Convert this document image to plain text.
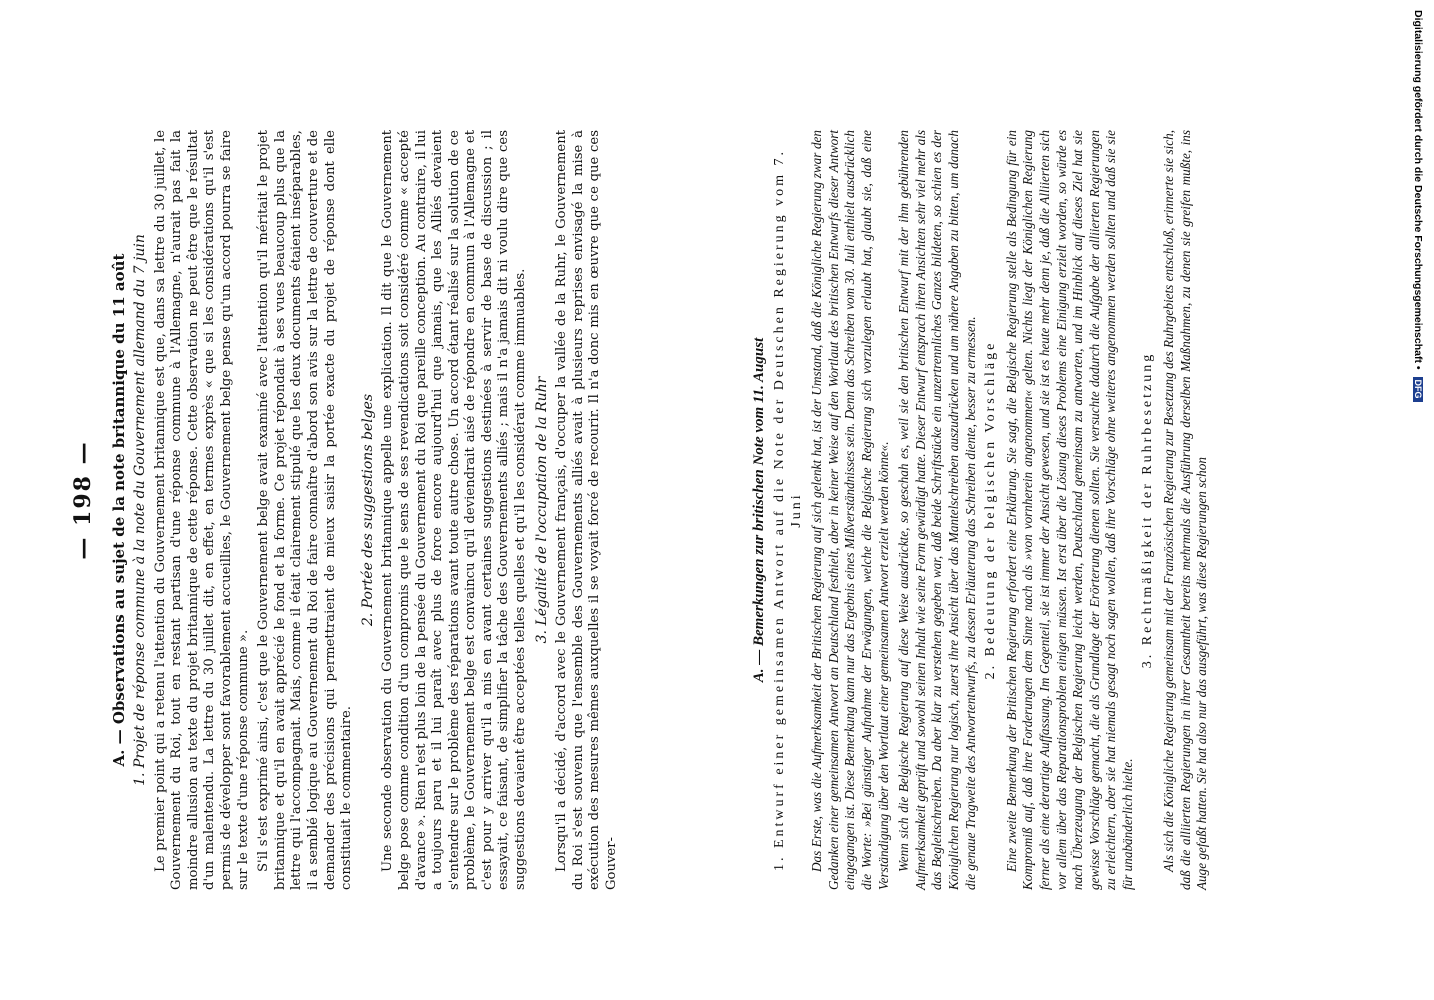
— 198 — A. — Observations au sujet de la note britannique du 11 août 1. Projet de réponse commune à la note du Gouvernement allemand du 7 juin Le premier point qui a retenu l'attention du Gouvernement britannique est que, dans sa lettre du 30 juillet, le Gouvernement du Roi, tout en restant partisan d'une réponse commune à l'Allemagne, n'aurait pas fait la moindre allusion au texte du projet britannique de cette réponse. Cette observation ne peut être que le résultat d'un malentendu. La lettre du 30 juillet dit, en effet, en termes exprès « que si les considérations qu'il s'est permis de développer sont favorablement accueillies, le Gouvernement belge pense qu'un accord pourra se faire sur le texte d'une réponse commune ». S'il s'est exprimé ainsi, c'est que le Gouvernement belge avait examiné avec l'attention qu'il méritait le projet britannique et qu'il en avait apprécié le fond et la forme. Ce projet répondait à ses vues beaucoup plus que la lettre qui l'accompagnait. Mais, comme il était clairement stipulé que les deux documents étaient inséparables, il a semblé logique au Gouvernement du Roi de faire connaître d'abord son avis sur la lettre de couverture et de demander des précisions qui permettraient de mieux saisir la portée exacte du projet de réponse dont elle constituait le commentaire.

2. Portée des suggestions belges Une seconde observation du Gouvernement britannique appelle une explication. Il dit que le Gouvernement belge pose comme condition d'un compromis que le sens de ses revendications soit considéré comme « accepté d'avance ». Rien n'est plus loin de la pensée du Gouvernement du Roi que pareille conception. Au contraire, il lui a toujours paru et il lui paraît avec plus de force encore aujourd'hui que jamais, que les Alliés devaient s'entendre sur le problème des réparations avant toute autre chose. Un accord étant réalisé sur la solution de ce problème, le Gouvernement belge est convaincu qu'il deviendrait aisé de répondre en commun à l'Allemagne et c'est pour y arriver qu'il a mis en avant certaines suggestions destinées à servir de base de discussion ; il essayait, ce faisant, de simplifier la tâche des Gouvernements alliés ; mais il n'a jamais dit ni voulu dire que ces suggestions devaient être acceptées telles quelles et qu'il les considérait comme immuables. 3. Légalité de l'occupation de la Ruhr Lorsqu'il a décidé, d'accord avec le Gouvernement français, d'occuper la vallée de la Ruhr, le Gouvernement du Roi s'est souvenu que l'ensemble des Gouvernements alliés avait à plusieurs reprises envisagé la mise à exécution des mesures mêmes auxquelles il se voyait forcé de recourir. Il n'a donc mis en œuvre que ce que ces Gouver-

A. — Bemerkungen zur britischen Note vom 11. August 1. Entwurf einer gemeinsamen Antwort auf die Note der Deutschen Regierung vom 7. Juni Das Erste, was die Aufmerksamkeit der Britischen Regierung auf sich gelenkt hat, ist der Umstand, daß die Königliche Regierung zwar den Gedanken einer gemeinsamen Antwort an Deutschland festhielt, aber in keiner Weise auf den Wortlaut des britischen Entwurfs dieser Antwort eingegangen ist. Diese Bemerkung kann nur das Ergebnis eines Mißverständnisses sein. Denn das Schreiben vom 30. Juli enthielt ausdrücklich die Worte: »Bei günstiger Aufnahme der Erwägungen, welche die Belgische Regierung sich vorzulegen erlaubt hat, glaubt sie, daß eine Verständigung über den Wortlaut einer gemeinsamen Antwort erzielt werden könne«. Wenn sich die Belgische Regierung auf diese Weise ausdrückte, so geschah es, weil sie den britischen Entwurf mit der ihm gebührenden Aufmerksamkeit geprüft und sowohl seinen Inhalt wie seine Form gewürdigt hatte. Dieser Entwurf entsprach ihren Ansichten sehr viel mehr als das Begleitschreiben. Da aber klar zu verstehen gegeben war, daß beide Schriftstücke ein unzertrennliches Ganzes bildeten, so schien es der Königlichen Regierung nur logisch, zuerst ihre Ansicht über das Mantelschreiben auszudrücken und um nähere Angaben zu bitten, um danach die genaue Tragweite des Antwortentwurfs, zu dessen Erläuterung das Schreiben diente, besser zu ermessen. 2. Bedeutung der belgischen Vorschläge Eine zweite Bemerkung der Britischen Regierung erfordert eine Erklärung. Sie sagt, die Belgische Regierung stelle als Bedingung für ein Kompromiß auf, daß ihre Forderungen dem Sinne nach als »von vornherein angenommen« gelten. Nichts liegt der Königlichen Regierung ferner als eine derartige Auffassung. Im Gegenteil, sie ist immer der Ansicht gewesen, und sie ist es heute mehr denn je, daß die Alliierten sich vor allem über das Reparationsproblem einigen müssen. Ist erst über die Lösung dieses Problems eine Einigung erzielt worden, so würde es nach Überzeugung der Belgischen Regierung leicht werden, Deutschland gemeinsam zu antworten, und im Hinblick auf dieses Ziel hat sie gewisse Vorschläge gemacht, die als Grundlage der Erörterung dienen sollten. Sie versuchte dadurch die Aufgabe der alliierten Regierungen zu erleichtern, aber sie hat niemals gesagt noch sagen wollen, daß ihre Vorschläge ohne weiteres angenommen werden sollten und daß sie sie für unabänderlich hielte.

3. Rechtmäßigkeit der Ruhrbesetzung Als sich die Königliche Regierung gemeinsam mit der Französischen Regierung zur Besetzung des Ruhrgebiets entschloß, erinnerte sie sich, daß die alliierten Regierungen in ihrer Gesamtheit bereits mehrmals die Ausführung derselben Maßnahmen, zu denen sie greifen mußte, ins Auge gefaßt hatten. Sie hat also nur das ausgeführt, was diese Regierungen schon

Digitalisierung gefördert durch die Deutsche Forschungsgemeinschaft • DFG
